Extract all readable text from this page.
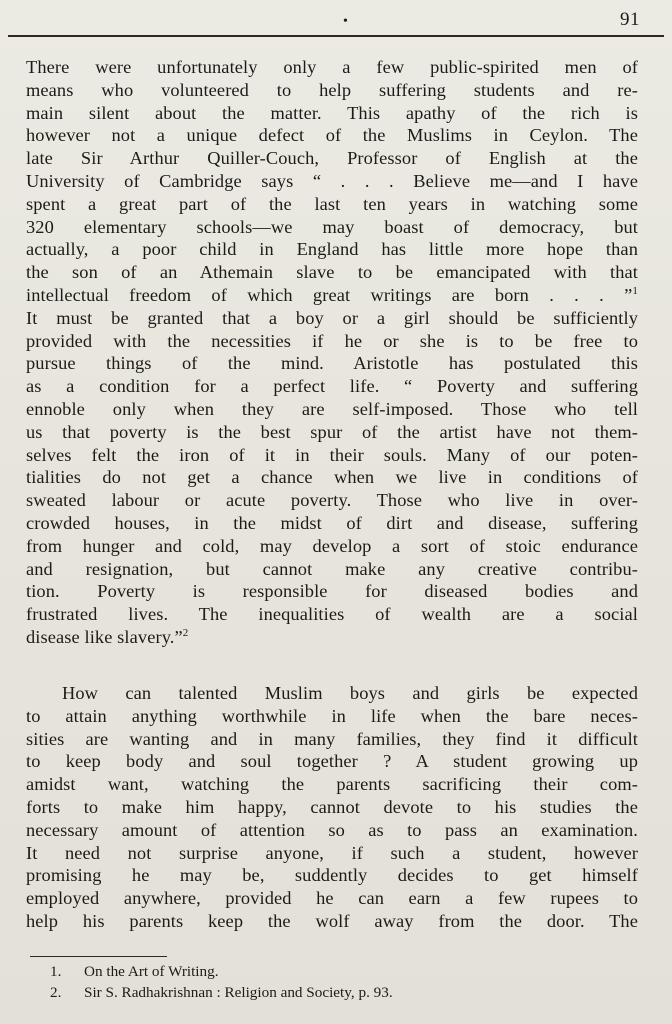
•	91
There were unfortunately only a few public-spirited men of
means who volunteered to help suffering students and re-
main silent about the matter. This apathy of the rich is
however not a unique defect of the Muslims in Ceylon. The
late Sir Arthur Quiller-Couch, Professor of English at the
University of Cambridge says “ . . . Believe me—and I have
spent a great part of the last ten years in watching some
320 elementary schools—we may boast of democracy, but
actually, a poor child in England has little more hope than
the son of an Athemain slave to be emancipated with that
intellectual freedom of which great writings are born . . . ”$^1$
It must be granted that a boy or a girl should be sufficiently
provided with the necessities if he or she is to be free to
pursue things of the mind. Aristotle has postulated this
as a condition for a perfect life. “ Poverty and suffering
ennoble only when they are self-imposed. Those who tell
us that poverty is the best spur of the artist have not them-
selves felt the iron of it in their souls. Many of our poten-
tialities do not get a chance when we live in conditions of
sweated labour or acute poverty. Those who live in over-
crowded houses, in the midst of dirt and disease, suffering
from hunger and cold, may develop a sort of stoic endurance
and resignation, but cannot make any creative contribu-
tion. Poverty is responsible for diseased bodies and
frustrated lives. The inequalities of wealth are a social
disease like slavery.”$^2$
How can talented Muslim boys and girls be expected
to attain anything worthwhile in life when the bare neces-
sities are wanting and in many families, they find it difficult
to keep body and soul together ? A student growing up
amidst want, watching the parents sacrificing their com-
forts to make him happy, cannot devote to his studies the
necessary amount of attention so as to pass an examination.
It need not surprise anyone, if such a student, however
promising he may be, suddently decides to get himself
employed anywhere, provided he can earn a few rupees to
help his parents keep the wolf away from the door. The
1. On the Art of Writing.
2. Sir S. Radhakrishnan : Religion and Society, p. 93.
